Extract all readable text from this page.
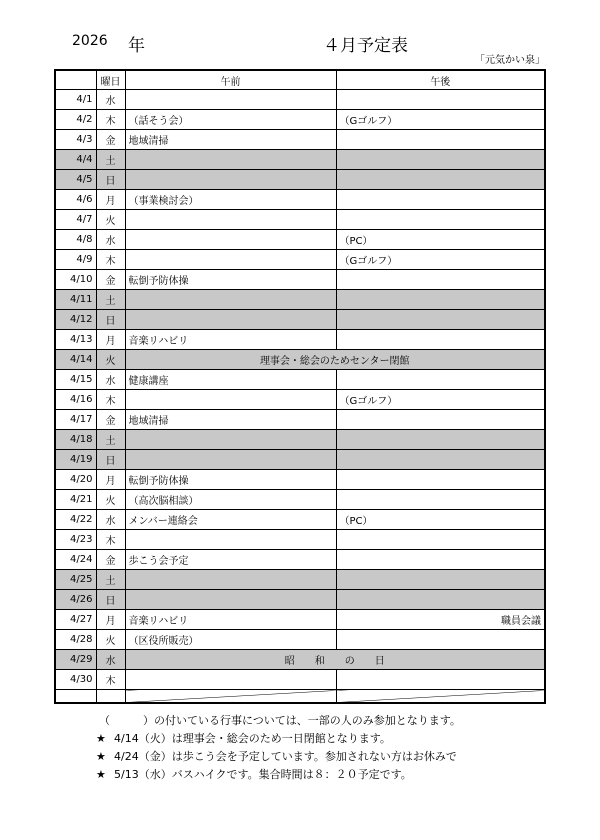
2026 年	４月予定表
「元気かい泉」
	曜日	午前	午後
4/1	水		
4/2	木	（話そう会）	（Gゴルフ）
4/3	金	地域清掃	
4/4	土		
4/5	日		
4/6	月	（事業検討会）	
4/7	火		
4/8	水		（PC）
4/9	木		（Gゴルフ）
4/10	金	転倒予防体操	
4/11	土		
4/12	日		
4/13	月	音楽リハビリ	
4/14	火	理事会・総会のためセンター閉館	
4/15	水	健康講座	
4/16	木		（Gゴルフ）
4/17	金	地域清掃	
4/18	土		
4/19	日		
4/20	月	転倒予防体操	
4/21	火	（高次脳相談）	
4/22	水	メンバー連絡会	（PC）
4/23	木		
4/24	金	歩こう会予定	
4/25	土		
4/26	日		
4/27	月	音楽リハビリ	職員会議
4/28	火	（区役所販売）	
4/29	水	昭　　和　　の　　日	
4/30	木		

（　　　）の付いている行事については、一部の人のみ参加となります。
★ 4/14（火）は理事会・総会のため一日閉館となります。
★ 4/24（金）は歩こう会を予定しています。参加されない方はお休みで
★ 5/13（水）バスハイクです。集合時間は８：２０予定です。
